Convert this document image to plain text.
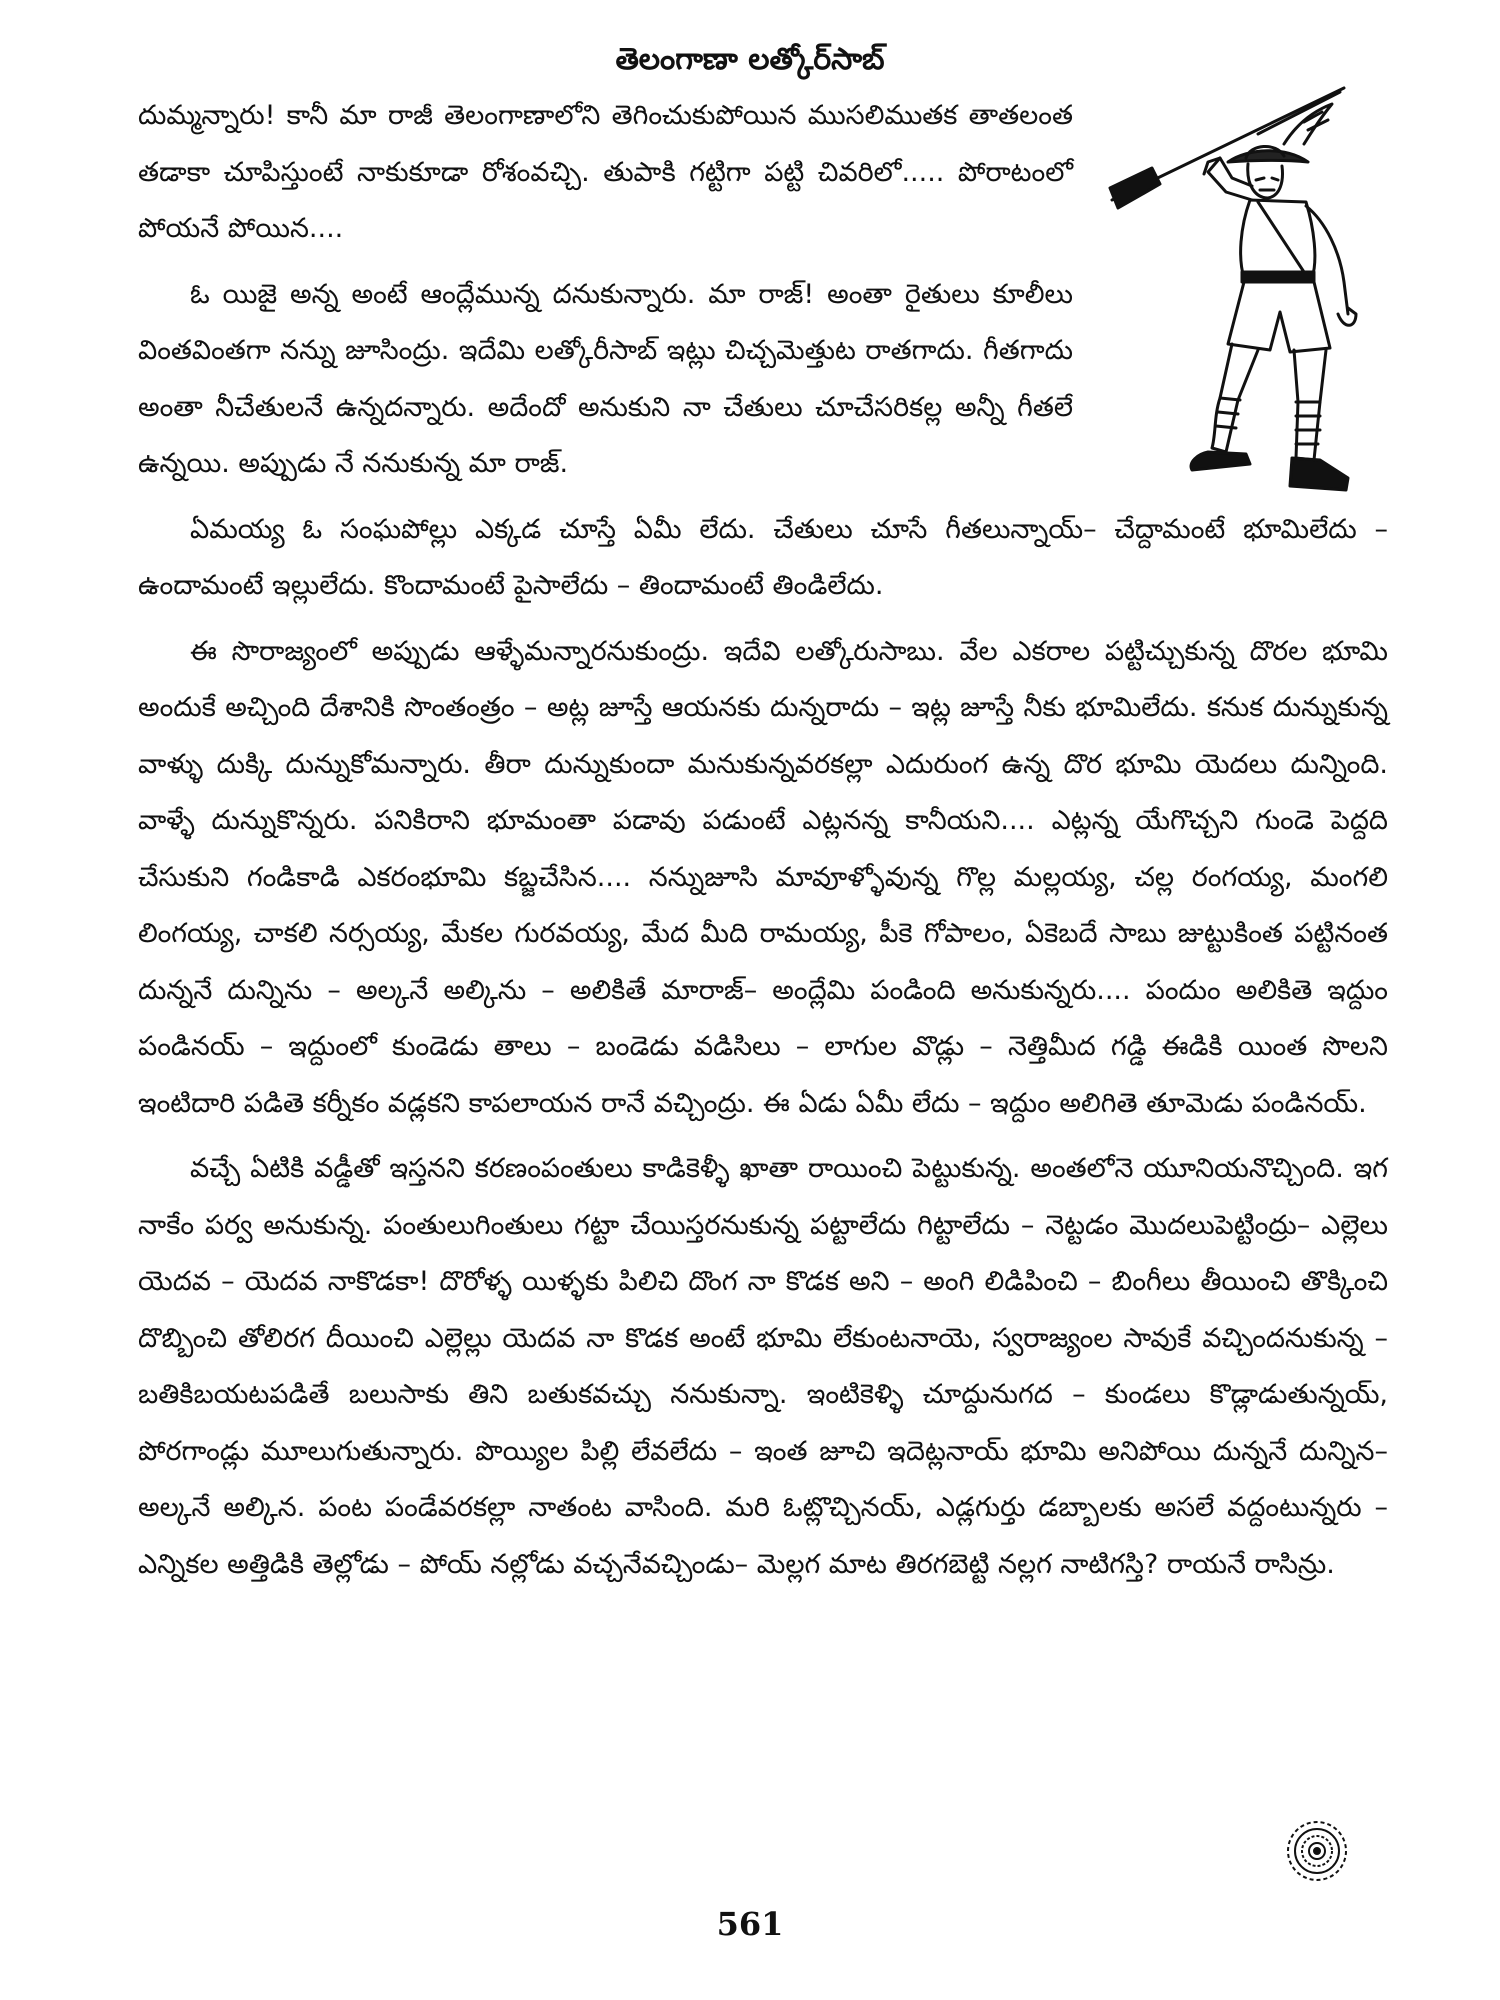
తెలంగాణా లత్కోర్‌సాబ్

దుమ్మన్నారు! కానీ మా రాజీ తెలంగాణాలోని తెగించుకుపోయిన ముసలిముతక తాతలంత తడాకా చూపిస్తుంటే నాకుకూడా రోశంవచ్చి. తుపాకి గట్టిగా పట్టి చివరిలో..... పోరాటంలో పోయనే పోయిన....

ఓ యిజై అన్న అంటే ఆంద్లేమున్న దనుకున్నారు. మా రాజ్! అంతా రైతులు కూలీలు వింతవింతగా నన్ను జూసింద్రు. ఇదేమి లత్కోరీసాబ్ ఇట్లు చిచ్చమెత్తుట రాతగాదు. గీతగాదు అంతా నీచేతులనే ఉన్నదన్నారు. అదేందో అనుకుని నా చేతులు చూచేసరికల్ల అన్నీ గీతలే ఉన్నయి. అప్పుడు నే ననుకున్న మా రాజ్.

ఏమయ్య ఓ సంఘపోల్లు ఎక్కడ చూస్తే ఏమీ లేదు. చేతులు చూసే గీతలున్నాయ్– చేద్దామంటే భూమిలేదు – ఉందామంటే ఇల్లులేదు. కొందామంటే పైసాలేదు – తిందామంటే తిండిలేదు.

ఈ సొరాజ్యంలో అప్పుడు ఆళ్ళేమన్నారనుకుంద్రు. ఇదేవి లత్కోరుసాబు. వేల ఎకరాల పట్టిచ్చుకున్న దొరల భూమి అందుకే అచ్చింది దేశానికి సొంతంత్రం – అట్ల జూస్తే ఆయనకు దున్నరాదు – ఇట్ల జూస్తే నీకు భూమిలేదు. కనుక దున్నుకున్న వాళ్ళు దుక్కి దున్నుకోమన్నారు. తీరా దున్నుకుందా మనుకున్నవరకల్లా ఎదురుంగ ఉన్న దొర భూమి యెదలు దున్నింది. వాళ్ళే దున్నుకొన్నరు. పనికిరాని భూమంతా పడావు పడుంటే ఎట్లనన్న కానీయని.... ఎట్లన్న యేగొచ్చని గుండె పెద్దది చేసుకుని గండికాడి ఎకరంభూమి కబ్జచేసిన.... నన్నుజూసి మావూళ్ళోవున్న గొల్ల మల్లయ్య, చల్ల రంగయ్య, మంగలి లింగయ్య, చాకలి నర్సయ్య, మేకల గురవయ్య, మేద మీది రామయ్య, పీకె గోపాలం, ఏకెబదే సాబు జుట్టుకింత పట్టినంత దున్ననే దున్నిను – అల్కనే అల్కిను – అలికితే మారాజ్– అంద్లేమి పండింది అనుకున్నరు.... పందుం అలికితె ఇద్దుం పండినయ్ – ఇద్దుంలో కుండెడు తాలు – బండెడు వడిసిలు – లాగుల వొడ్లు – నెత్తిమీద గడ్డి ఈడికి యింత సొలని ఇంటిదారి పడితె కర్నీకం వడ్లకని కాపలాయన రానే వచ్చింద్రు. ఈ ఏడు ఏమీ లేదు – ఇద్దుం అలిగితె తూమెడు పండినయ్.

వచ్చే ఏటికి వడ్డీతో ఇస్తనని కరణంపంతులు కాడికెళ్ళీ ఖాతా రాయించి పెట్టుకున్న. అంతలోనె యూనియనొచ్చింది. ఇగ నాకేం పర్వ అనుకున్న. పంతులుగింతులు గట్టా చేయిస్తరనుకున్న పట్టాలేదు గిట్టాలేదు – నెట్టడం మొదలుపెట్టింద్రు– ఎల్లెలు యెదవ – యెదవ నాకొడకా! దొరోళ్ళ యిళ్ళకు పిలిచి దొంగ నా కొడక అని – అంగి లిడిపించి – బింగీలు తీయించి తొక్కించి దొబ్బించి తోలిరగ దీయించి ఎల్లెల్లు యెదవ నా కొడక అంటే భూమి లేకుంటనాయె, స్వరాజ్యంల సావుకే వచ్చిందనుకున్న – బతికిబయటపడితే బలుసాకు తిని బతుకవచ్చు ననుకున్నా. ఇంటికెళ్ళి చూద్దునుగద – కుండలు కొడ్లాడుతున్నయ్, పోరగాండ్లు మూలుగుతున్నారు. పొయ్యిల పిల్లి లేవలేదు – ఇంత జూచి ఇదెట్లనాయ్ భూమి అనిపోయి దున్ననే దున్నిన– అల్కనే అల్కిన. పంట పండేవరకల్లా నాతంట వాసింది. మరి ఓట్లొచ్చినయ్, ఎడ్లగుర్తు డబ్బాలకు అసలే వద్దంటున్నరు – ఎన్నికల అత్తిడికి తెల్లోడు – పోయ్ నల్లోడు వచ్చనేవచ్చిండు– మెల్లగ మాట తిరగబెట్టి నల్లగ నాటిగస్తి? రాయనే రాసిన్రు.

561
